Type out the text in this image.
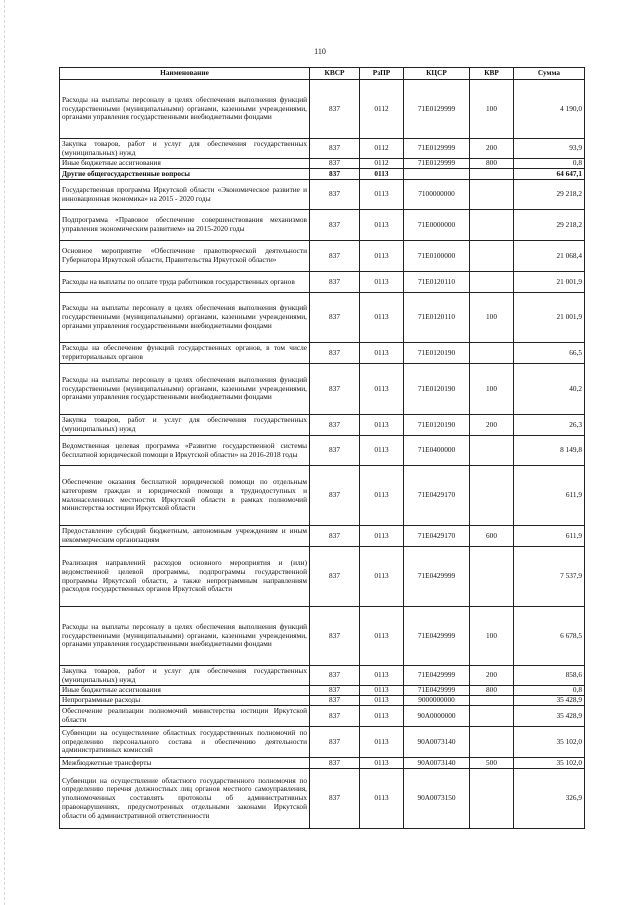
110
Наименование	КВСР	РзПР	КЦСР	КВР	Сумма
Расходы на выплаты персоналу в целях обеспечения выполнения функций государственными (муниципальными) органами, казенными учреждениями, органами управления государственными внебюджетными фондами	837	0112	71Е0129999	100	4 190,0
Закупка товаров, работ и услуг для обеспечения государственных (муниципальных) нужд	837	0112	71Е0129999	200	93,9
Иные бюджетные ассигнования	837	0112	71Е0129999	800	0,8
Другие общегосударственные вопросы	837	0113			64 647,1
Государственная программа Иркутской области «Экономическое развитие и инновационная экономика» на 2015 - 2020 годы	837	0113	7100000000		29 218,2
Подпрограмма «Правовое обеспечение совершенствования механизмов управления экономическим развитием» на 2015-2020 годы	837	0113	71Е0000000		29 218,2
Основное мероприятие «Обеспечение правотворческой деятельности Губернатора Иркутской области, Правительства Иркутской области»	837	0113	71Е0100000		21 068,4
Расходы на выплаты по оплате труда работников государственных органов	837	0113	71Е0120110		21 001,9
Расходы на выплаты персоналу в целях обеспечения выполнения функций государственными (муниципальными) органами, казенными учреждениями, органами управления государственными внебюджетными фондами	837	0113	71Е0120110	100	21 001,9
Расходы на обеспечение функций государственных органов, в том числе территориальных органов	837	0113	71Е0120190		66,5
Расходы на выплаты персоналу в целях обеспечения выполнения функций государственными (муниципальными) органами, казенными учреждениями, органами управления государственными внебюджетными фондами	837	0113	71Е0120190	100	40,2
Закупка товаров, работ и услуг для обеспечения государственных (муниципальных) нужд	837	0113	71Е0120190	200	26,3
Ведомственная целевая программа «Развитие государственной системы бесплатной юридической помощи в Иркутской области» на 2016-2018 годы	837	0113	71Е0400000		8 149,8
Обеспечение оказания бесплатной юридической помощи по отдельным категориям граждан и юридической помощи в труднодоступных и малонаселенных местностях Иркутской области в рамках полномочий министерства юстиции Иркутской области	837	0113	71Е0429170		611,9
Предоставление субсидий бюджетным, автономным учреждениям и иным некоммерческим организациям	837	0113	71Е0429170	600	611,9
Реализация направлений расходов основного мероприятия и (или) ведомственной целевой программы, подпрограммы государственной программы Иркутской области, а также непрограммным направлениям расходов государственных органов Иркутской области	837	0113	71Е0429999		7 537,9
Расходы на выплаты персоналу в целях обеспечения выполнения функций государственными (муниципальными) органами, казенными учреждениями, органами управления государственными внебюджетными фондами	837	0113	71Е0429999	100	6 678,5
Закупка товаров, работ и услуг для обеспечения государственных (муниципальных) нужд	837	0113	71Е0429999	200	858,6
Иные бюджетные ассигнования	837	0113	71Е0429999	800	0,8
Непрограммные расходы	837	0113	9000000000		35 428,9
Обеспечение реализации полномочий министерства юстиции Иркутской области	837	0113	90А0000000		35 428,9
Субвенции на осуществление областных государственных полномочий по определению персонального состава и обеспечению деятельности административных комиссий	837	0113	90А0073140		35 102,0
Межбюджетные трансферты	837	0113	90А0073140	500	35 102,0
Субвенции на осуществление областного государственного полномочия по определению перечня должностных лиц органов местного самоуправления, уполномоченных составлять протоколы об административных правонарушениях, предусмотренных отдельными законами Иркутской области об административной ответственности	837	0113	90А0073150		326,9
